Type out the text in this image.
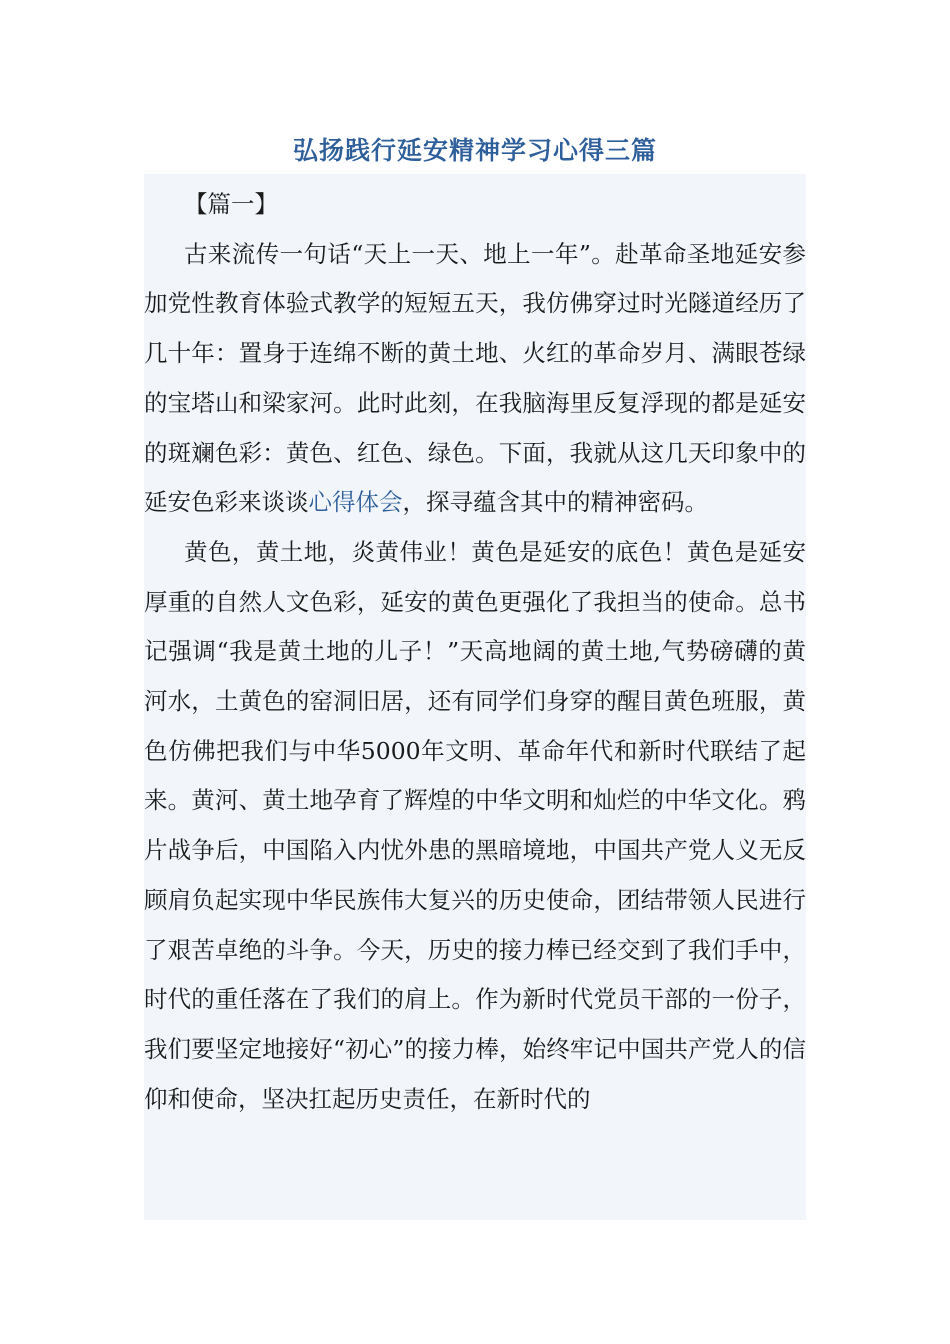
弘扬践行延安精神学习心得三篇

【篇一】

古来流传一句话“天上一天、地上一年”。赴革命圣地延安参加党性教育体验式教学的短短五天，我仿佛穿过时光隧道经历了几十年：置身于连绵不断的黄土地、火红的革命岁月、满眼苍绿的宝塔山和梁家河。此时此刻，在我脑海里反复浮现的都是延安的斑斓色彩：黄色、红色、绿色。下面，我就从这几天印象中的延安色彩来谈谈心得体会，探寻蕴含其中的精神密码。

黄色，黄土地，炎黄伟业！黄色是延安的底色！黄色是延安厚重的自然人文色彩，延安的黄色更强化了我担当的使命。总书记强调“我是黄土地的儿子！”天高地阔的黄土地,气势磅礴的黄河水，土黄色的窑洞旧居，还有同学们身穿的醒目黄色班服，黄色仿佛把我们与中华5000年文明、革命年代和新时代联结了起来。黄河、黄土地孕育了辉煌的中华文明和灿烂的中华文化。鸦片战争后，中国陷入内忧外患的黑暗境地，中国共产党人义无反顾肩负起实现中华民族伟大复兴的历史使命，团结带领人民进行了艰苦卓绝的斗争。今天，历史的接力棒已经交到了我们手中，时代的重任落在了我们的肩上。作为新时代党员干部的一份子，我们要坚定地接好“初心”的接力棒，始终牢记中国共产党人的信仰和使命，坚决扛起历史责任，在新时代的
